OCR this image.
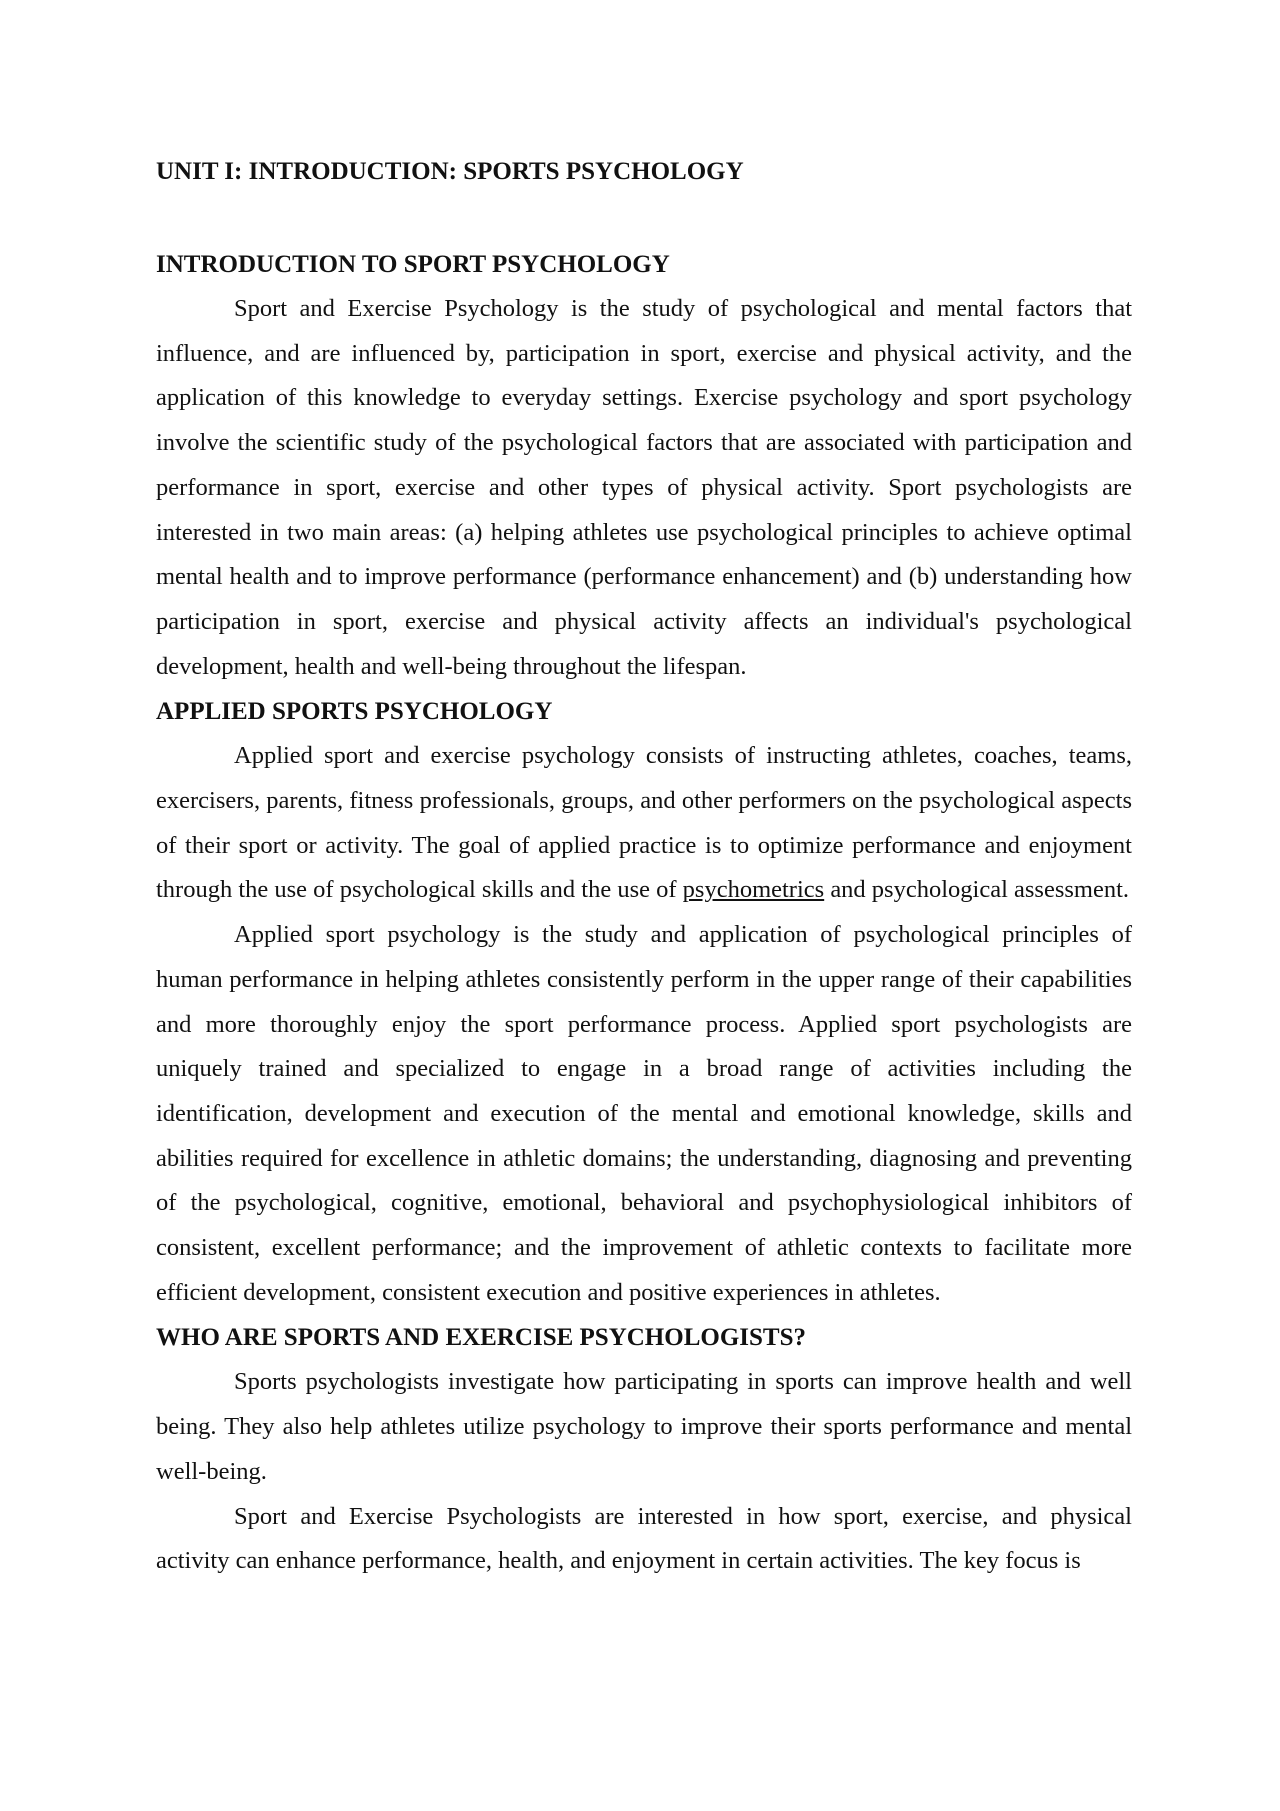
UNIT I: INTRODUCTION: SPORTS PSYCHOLOGY
INTRODUCTION TO SPORT PSYCHOLOGY

Sport and Exercise Psychology is the study of psychological and mental factors that influence, and are influenced by, participation in sport, exercise and physical activity, and the application of this knowledge to everyday settings. Exercise psychology and sport psychology involve the scientific study of the psychological factors that are associated with participation and performance in sport, exercise and other types of physical activity. Sport psychologists are interested in two main areas: (a) helping athletes use psychological principles to achieve optimal mental health and to improve performance (performance enhancement) and (b) understanding how participation in sport, exercise and physical activity affects an individual's psychological development, health and well-being throughout the lifespan.

APPLIED SPORTS PSYCHOLOGY

Applied sport and exercise psychology consists of instructing athletes, coaches, teams, exercisers, parents, fitness professionals, groups, and other performers on the psychological aspects of their sport or activity. The goal of applied practice is to optimize performance and enjoyment through the use of psychological skills and the use of psychometrics and psychological assessment.

Applied sport psychology is the study and application of psychological principles of human performance in helping athletes consistently perform in the upper range of their capabilities and more thoroughly enjoy the sport performance process. Applied sport psychologists are uniquely trained and specialized to engage in a broad range of activities including the identification, development and execution of the mental and emotional knowledge, skills and abilities required for excellence in athletic domains; the understanding, diagnosing and preventing of the psychological, cognitive, emotional, behavioral and psychophysiological inhibitors of consistent, excellent performance; and the improvement of athletic contexts to facilitate more efficient development, consistent execution and positive experiences in athletes.

WHO ARE SPORTS AND EXERCISE PSYCHOLOGISTS?

Sports psychologists investigate how participating in sports can improve health and well being. They also help athletes utilize psychology to improve their sports performance and mental well-being.

Sport and Exercise Psychologists are interested in how sport, exercise, and physical activity can enhance performance, health, and enjoyment in certain activities. The key focus is
